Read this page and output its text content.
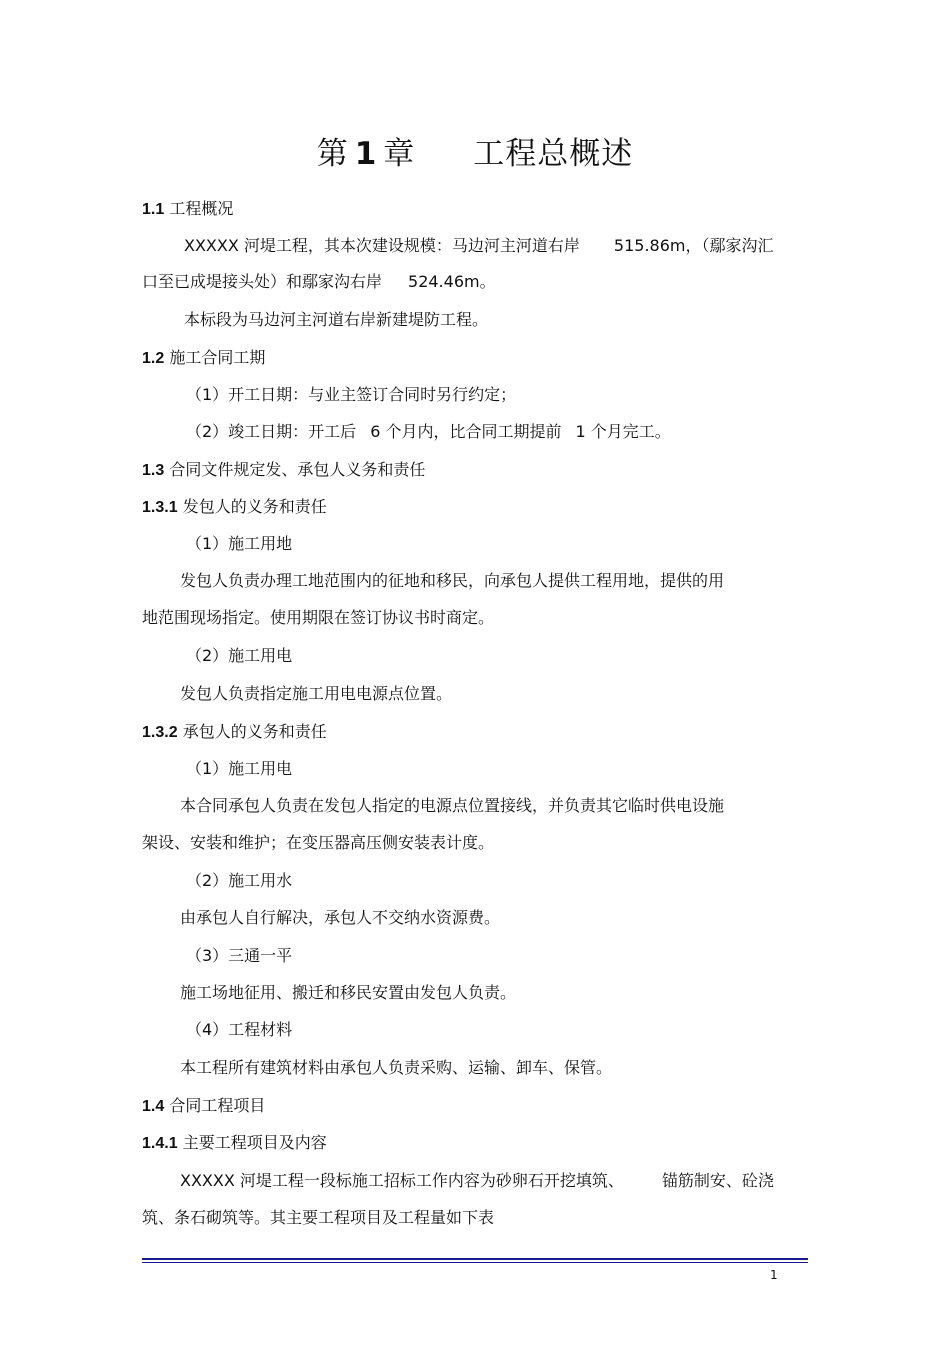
第 1 章 工程总概述
1.1 工程概况
XXXXX 河堤工程，其本次建设规模：马边河主河道右岸 515.86m，（鄢家沟汇
口至已成堤接头处）和鄢家沟右岸 524.46m。
本标段为马边河主河道右岸新建堤防工程。
1.2 施工合同工期
（1）开工日期：与业主签订合同时另行约定；
（2）竣工日期：开工后 6 个月内，比合同工期提前 1 个月完工。
1.3 合同文件规定发、承包人义务和责任
1.3.1 发包人的义务和责任
（1）施工用地
发包人负责办理工地范围内的征地和移民，向承包人提供工程用地，提供的用
地范围现场指定。使用期限在签订协议书时商定。
（2）施工用电
发包人负责指定施工用电电源点位置。
1.3.2 承包人的义务和责任
（1）施工用电
本合同承包人负责在发包人指定的电源点位置接线，并负责其它临时供电设施
架设、安装和维护；在变压器高压侧安装表计度。
（2）施工用水
由承包人自行解决，承包人不交纳水资源费。
（3）三通一平
施工场地征用、搬迁和移民安置由发包人负责。
（4）工程材料
本工程所有建筑材料由承包人负责采购、运输、卸车、保管。
1.4 合同工程项目
1.4.1 主要工程项目及内容
XXXXX 河堤工程一段标施工招标工作内容为砂卵石开挖填筑、 锚筋制安、砼浇
筑、条石砌筑等。其主要工程项目及工程量如下表
1
